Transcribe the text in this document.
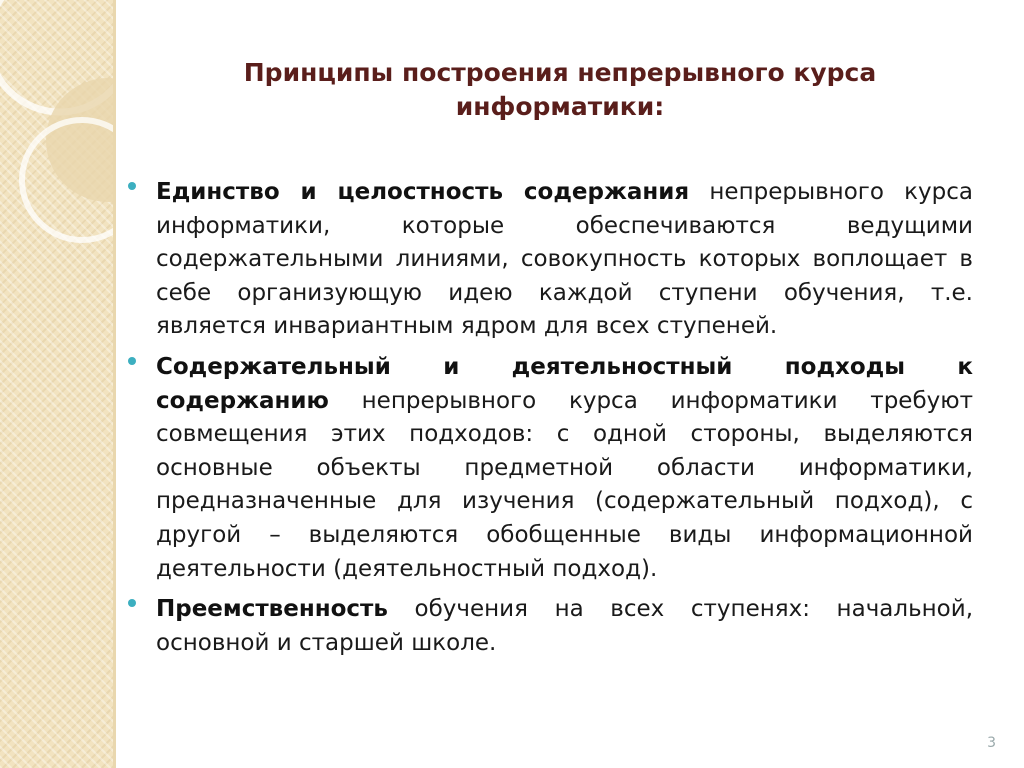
Принципы построения непрерывного курса информатики:
Единство и целостность содержания непрерывного курса информатики, которые обеспечиваются ведущими содержательными линиями, совокупность которых воплощает в себе организующую идею каждой ступени обучения, т.е. является инвариантным ядром для всех ступеней.
Содержательный и деятельностный подходы к содержанию непрерывного курса информатики требуют совмещения этих подходов: с одной стороны, выделяются основные объекты предметной области информатики, предназначенные для изучения (содержательный подход), с другой – выделяются обобщенные виды информационной деятельности (деятельностный подход).
Преемственность обучения на всех ступенях: начальной, основной и старшей школе.
3
